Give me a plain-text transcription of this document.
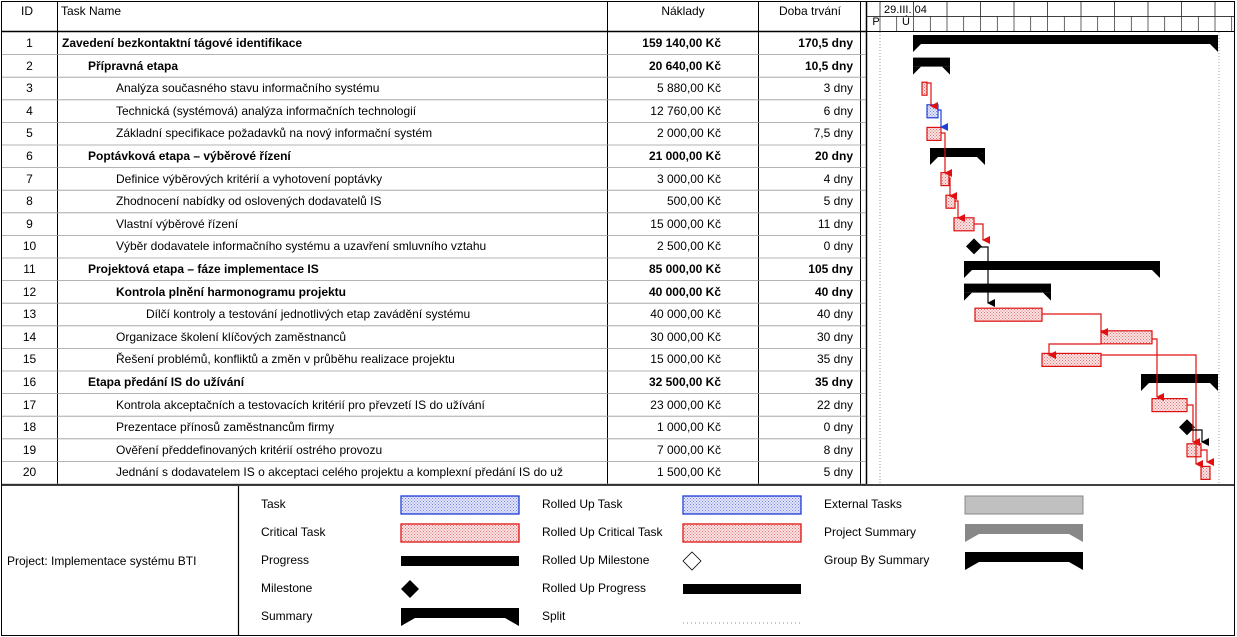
ID	Task Name	Náklady	Doba trvání	29.III. 04
P	Ú
1	Zavedení bezkontaktní tágové identifikace	159 140,00 Kč	170,5 dny
2	Přípravná etapa	20 640,00 Kč	10,5 dny
3	Analýza současného stavu informačního systému	5 880,00 Kč	3 dny
4	Technická (systémová) analýza informačních technologií	12 760,00 Kč	6 dny
5	Základní specifikace požadavků na nový informační systém	2 000,00 Kč	7,5 dny
6	Poptávková etapa – výběrové řízení	21 000,00 Kč	20 dny
7	Definice výběrových kritérií a vyhotovení poptávky	3 000,00 Kč	4 dny
8	Zhodnocení nabídky od oslovených dodavatelů IS	500,00 Kč	5 dny
9	Vlastní výběrové řízení	15 000,00 Kč	11 dny
10	Výběr dodavatele informačního systému a uzavření smluvního vztahu	2 500,00 Kč	0 dny
11	Projektová etapa – fáze implementace IS	85 000,00 Kč	105 dny
12	Kontrola plnění harmonogramu projektu	40 000,00 Kč	40 dny
13	Dílčí kontroly a testování jednotlivých etap zavádění systému	40 000,00 Kč	40 dny
14	Organizace školení klíčových zaměstnanců	30 000,00 Kč	30 dny
15	Řešení problémů, konfliktů a změn v průběhu realizace projektu	15 000,00 Kč	35 dny
16	Etapa předání IS do užívání	32 500,00 Kč	35 dny
17	Kontrola akceptačních a testovacích kritérií pro převzetí IS do užívání	23 000,00 Kč	22 dny
18	Prezentace přínosů zaměstnancům firmy	1 000,00 Kč	0 dny
19	Ověření předdefinovaných kritérií ostrého provozu	7 000,00 Kč	8 dny
20	Jednání s dodavatelem IS o akceptaci celého projektu a komplexní předání IS do už	1 500,00 Kč	5 dny
Project: Implementace systému BTI
Task
Critical Task
Progress
Milestone
Summary
Rolled Up Task
Rolled Up Critical Task
Rolled Up Milestone
Rolled Up Progress
Split
External Tasks
Project Summary
Group By Summary
